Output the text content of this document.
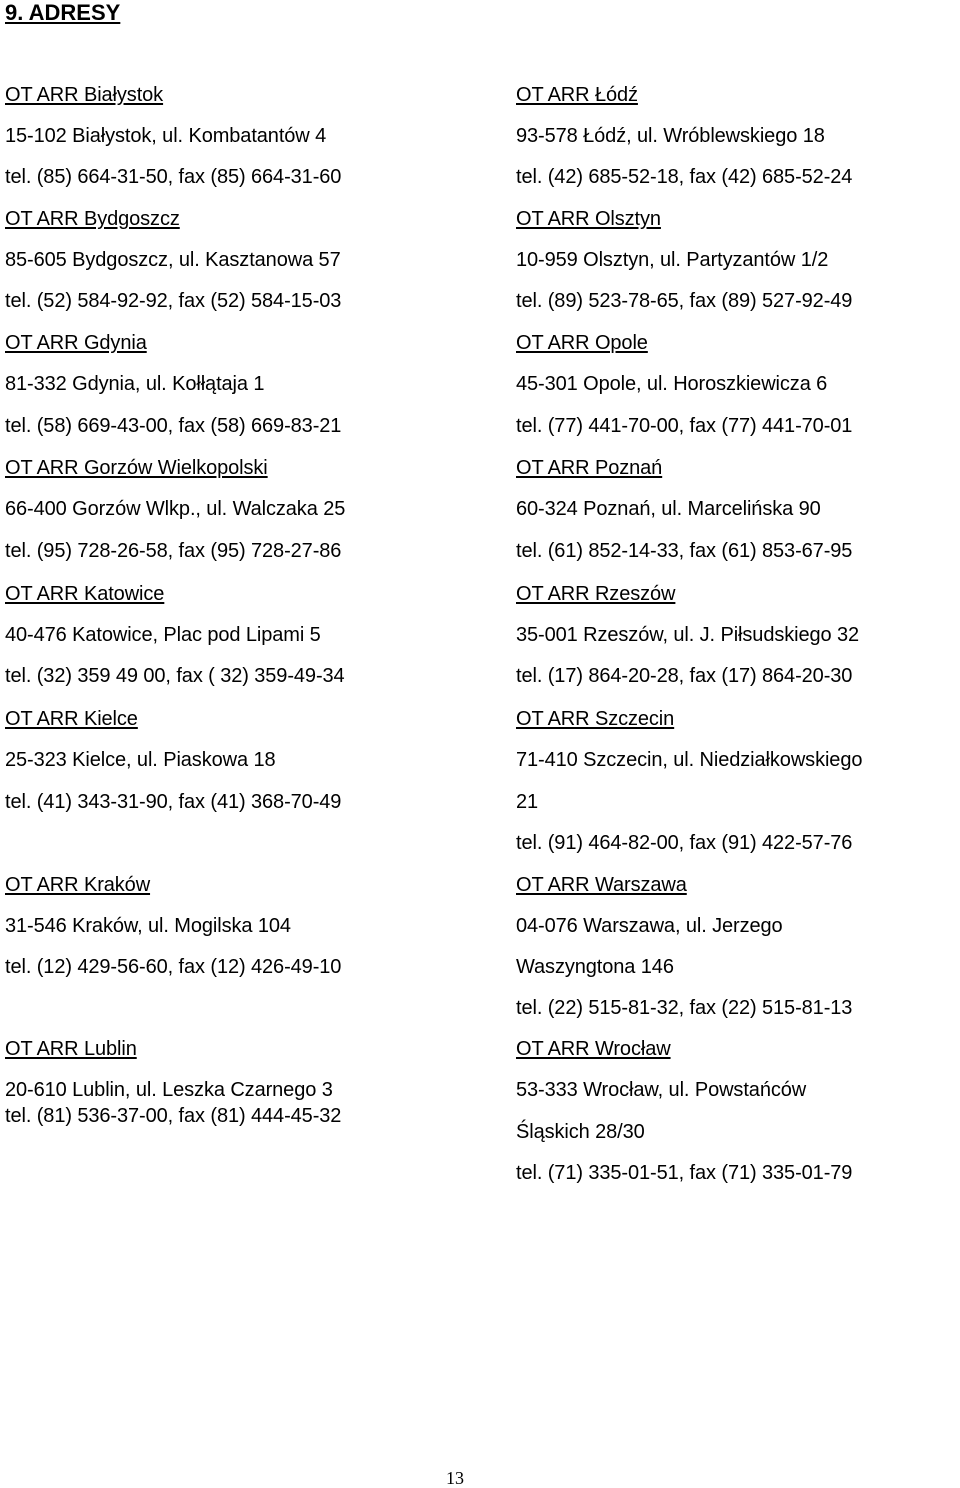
9. ADRESY
OT ARR Białystok
15-102 Białystok, ul. Kombatantów 4
tel. (85) 664-31-50, fax (85) 664-31-60
OT ARR Bydgoszcz
85-605 Bydgoszcz, ul. Kasztanowa 57
tel. (52) 584-92-92, fax (52) 584-15-03
OT ARR Gdynia
81-332 Gdynia, ul. Kołłątaja 1
tel. (58) 669-43-00, fax (58) 669-83-21
OT ARR Gorzów Wielkopolski
66-400 Gorzów Wlkp., ul. Walczaka 25
tel. (95) 728-26-58, fax (95) 728-27-86
OT ARR Katowice
40-476 Katowice, Plac pod Lipami 5
tel. (32) 359 49 00, fax ( 32) 359-49-34
OT ARR Kielce
25-323 Kielce, ul. Piaskowa 18
tel. (41) 343-31-90, fax (41) 368-70-49
OT ARR Kraków
31-546 Kraków, ul. Mogilska 104
tel. (12) 429-56-60, fax (12) 426-49-10
OT ARR Lublin
20-610 Lublin, ul. Leszka Czarnego 3
tel. (81) 536-37-00, fax (81) 444-45-32
OT ARR Łódź
93-578 Łódź, ul. Wróblewskiego 18
tel. (42) 685-52-18, fax (42) 685-52-24
OT ARR Olsztyn
10-959 Olsztyn, ul. Partyzantów 1/2
tel. (89) 523-78-65, fax (89) 527-92-49
OT ARR Opole
45-301 Opole, ul. Horoszkiewicza 6
tel. (77) 441-70-00, fax (77) 441-70-01
OT ARR Poznań
60-324 Poznań, ul. Marcelińska 90
tel. (61) 852-14-33, fax (61) 853-67-95
OT ARR Rzeszów
35-001 Rzeszów, ul. J. Piłsudskiego 32
tel. (17) 864-20-28, fax (17) 864-20-30
OT ARR Szczecin
71-410 Szczecin, ul. Niedziałkowskiego
21
tel. (91) 464-82-00, fax (91) 422-57-76
OT ARR Warszawa
04-076 Warszawa, ul. Jerzego
Waszyngtona 146
tel. (22) 515-81-32, fax (22) 515-81-13
OT ARR Wrocław
53-333 Wrocław, ul. Powstańców
Śląskich 28/30
tel. (71) 335-01-51, fax (71) 335-01-79
13
